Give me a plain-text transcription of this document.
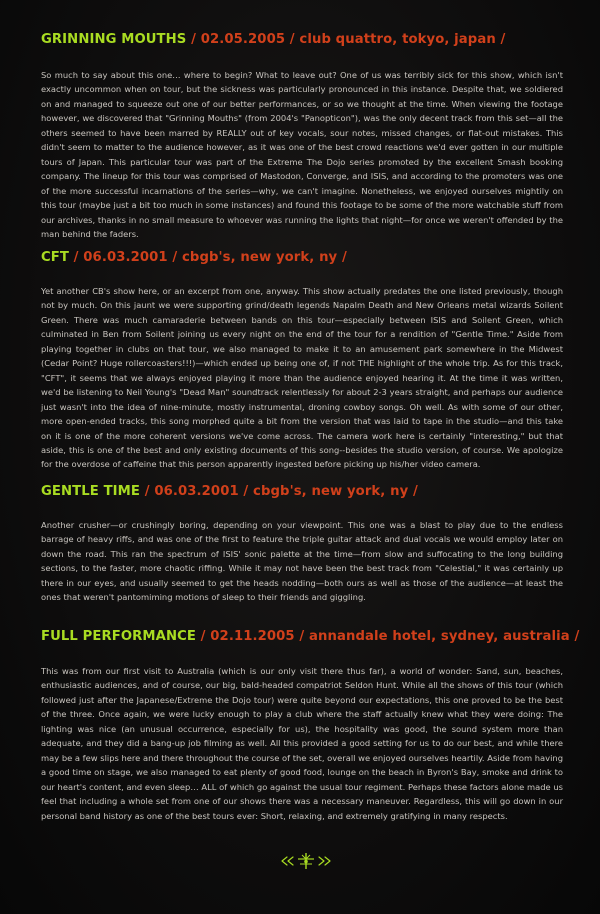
GRINNING MOUTHS / 02.05.2005 / club quattro, tokyo, japan /

So much to say about this one… where to begin? What to leave out? One of us was terribly sick for this show, which isn't exactly uncommon when on tour, but the sickness was particularly pronounced in this instance. Despite that, we soldiered on and managed to squeeze out one of our better performances, or so we thought at the time. When viewing the footage however, we discovered that "Grinning Mouths" (from 2004's "Panopticon"), was the only decent track from this set—all the others seemed to have been marred by REALLY out of key vocals, sour notes, missed changes, or flat-out mistakes. This didn't seem to matter to the audience however, as it was one of the best crowd reactions we'd ever gotten in our multiple tours of Japan. This particular tour was part of the Extreme The Dojo series promoted by the excellent Smash booking company. The lineup for this tour was comprised of Mastodon, Converge, and ISIS, and according to the promoters was one of the more successful incarnations of the series—why, we can't imagine. Nonetheless, we enjoyed ourselves mightily on this tour (maybe just a bit too much in some instances) and found this footage to be some of the more watchable stuff from our archives, thanks in no small measure to whoever was running the lights that night—for once we weren't offended by the man behind the faders.

CFT / 06.03.2001 / cbgb's, new york, ny /

Yet another CB's show here, or an excerpt from one, anyway. This show actually predates the one listed previously, though not by much. On this jaunt we were supporting grind/death legends Napalm Death and New Orleans metal wizards Soilent Green. There was much camaraderie between bands on this tour—especially between ISIS and Soilent Green, which culminated in Ben from Soilent joining us every night on the end of the tour for a rendition of "Gentle Time." Aside from playing together in clubs on that tour, we also managed to make it to an amusement park somewhere in the Midwest (Cedar Point? Huge rollercoasters!!!)—which ended up being one of, if not THE highlight of the whole trip. As for this track, "CFT", it seems that we always enjoyed playing it more than the audience enjoyed hearing it. At the time it was written, we'd be listening to Neil Young's "Dead Man" soundtrack relentlessly for about 2-3 years straight, and perhaps our audience just wasn't into the idea of nine-minute, mostly instrumental, droning cowboy songs. Oh well. As with some of our other, more open-ended tracks, this song morphed quite a bit from the version that was laid to tape in the studio—and this take on it is one of the more coherent versions we've come across. The camera work here is certainly "interesting," but that aside, this is one of the best and only existing documents of this song--besides the studio version, of course. We apologize for the overdose of caffeine that this person apparently ingested before picking up his/her video camera.

GENTLE TIME / 06.03.2001 / cbgb's, new york, ny /

Another crusher—or crushingly boring, depending on your viewpoint. This one was a blast to play due to the endless barrage of heavy riffs, and was one of the first to feature the triple guitar attack and dual vocals we would employ later on down the road. This ran the spectrum of ISIS' sonic palette at the time—from slow and suffocating to the long building sections, to the faster, more chaotic riffing. While it may not have been the best track from "Celestial," it was certainly up there in our eyes, and usually seemed to get the heads nodding—both ours as well as those of the audience—at least the ones that weren't pantomiming motions of sleep to their friends and giggling.

FULL PERFORMANCE / 02.11.2005 / annandale hotel, sydney, australia /

This was from our first visit to Australia (which is our only visit there thus far), a world of wonder: Sand, sun, beaches, enthusiastic audiences, and of course, our big, bald-headed compatriot Seldon Hunt. While all the shows of this tour (which followed just after the Japanese/Extreme the Dojo tour) were quite beyond our expectations, this one proved to be the best of the three. Once again, we were lucky enough to play a club where the staff actually knew what they were doing: The lighting was nice (an unusual occurrence, especially for us), the hospitality was good, the sound system more than adequate, and they did a bang-up job filming as well. All this provided a good setting for us to do our best, and while there may be a few slips here and there throughout the course of the set, overall we enjoyed ourselves heartily. Aside from having a good time on stage, we also managed to eat plenty of good food, lounge on the beach in Byron's Bay, smoke and drink to our heart's content, and even sleep… ALL of which go against the usual tour regiment. Perhaps these factors alone made us feel that including a whole set from one of our shows there was a necessary maneuver. Regardless, this will go down in our personal band history as one of the best tours ever: Short, relaxing, and extremely gratifying in many respects.
